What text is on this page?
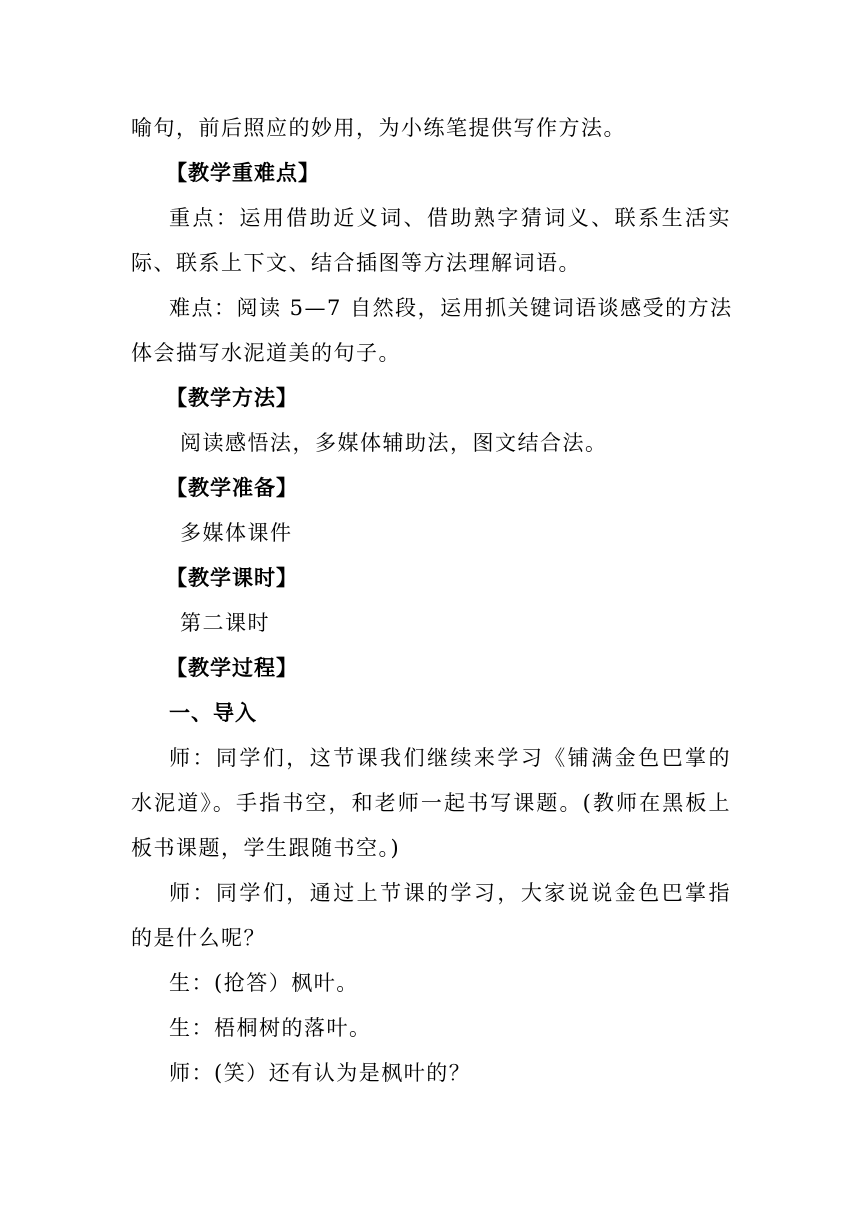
喻句，前后照应的妙用，为小练笔提供写作方法。
【教学重难点】
重点：运用借助近义词、借助熟字猜词义、联系生活实
际、联系上下文、结合插图等方法理解词语。
难点：阅读 5—7 自然段，运用抓关键词语谈感受的方法
体会描写水泥道美的句子。
【教学方法】
阅读感悟法，多媒体辅助法，图文结合法。
【教学准备】
多媒体课件
【教学课时】
第二课时
【教学过程】
一、导入
师：同学们，这节课我们继续来学习《铺满金色巴掌的
水泥道》。手指书空，和老师一起书写课题。(教师在黑板上
板书课题，学生跟随书空。)
师：同学们，通过上节课的学习，大家说说金色巴掌指
的是什么呢？
生：(抢答）枫叶。
生：梧桐树的落叶。
师：(笑）还有认为是枫叶的？
